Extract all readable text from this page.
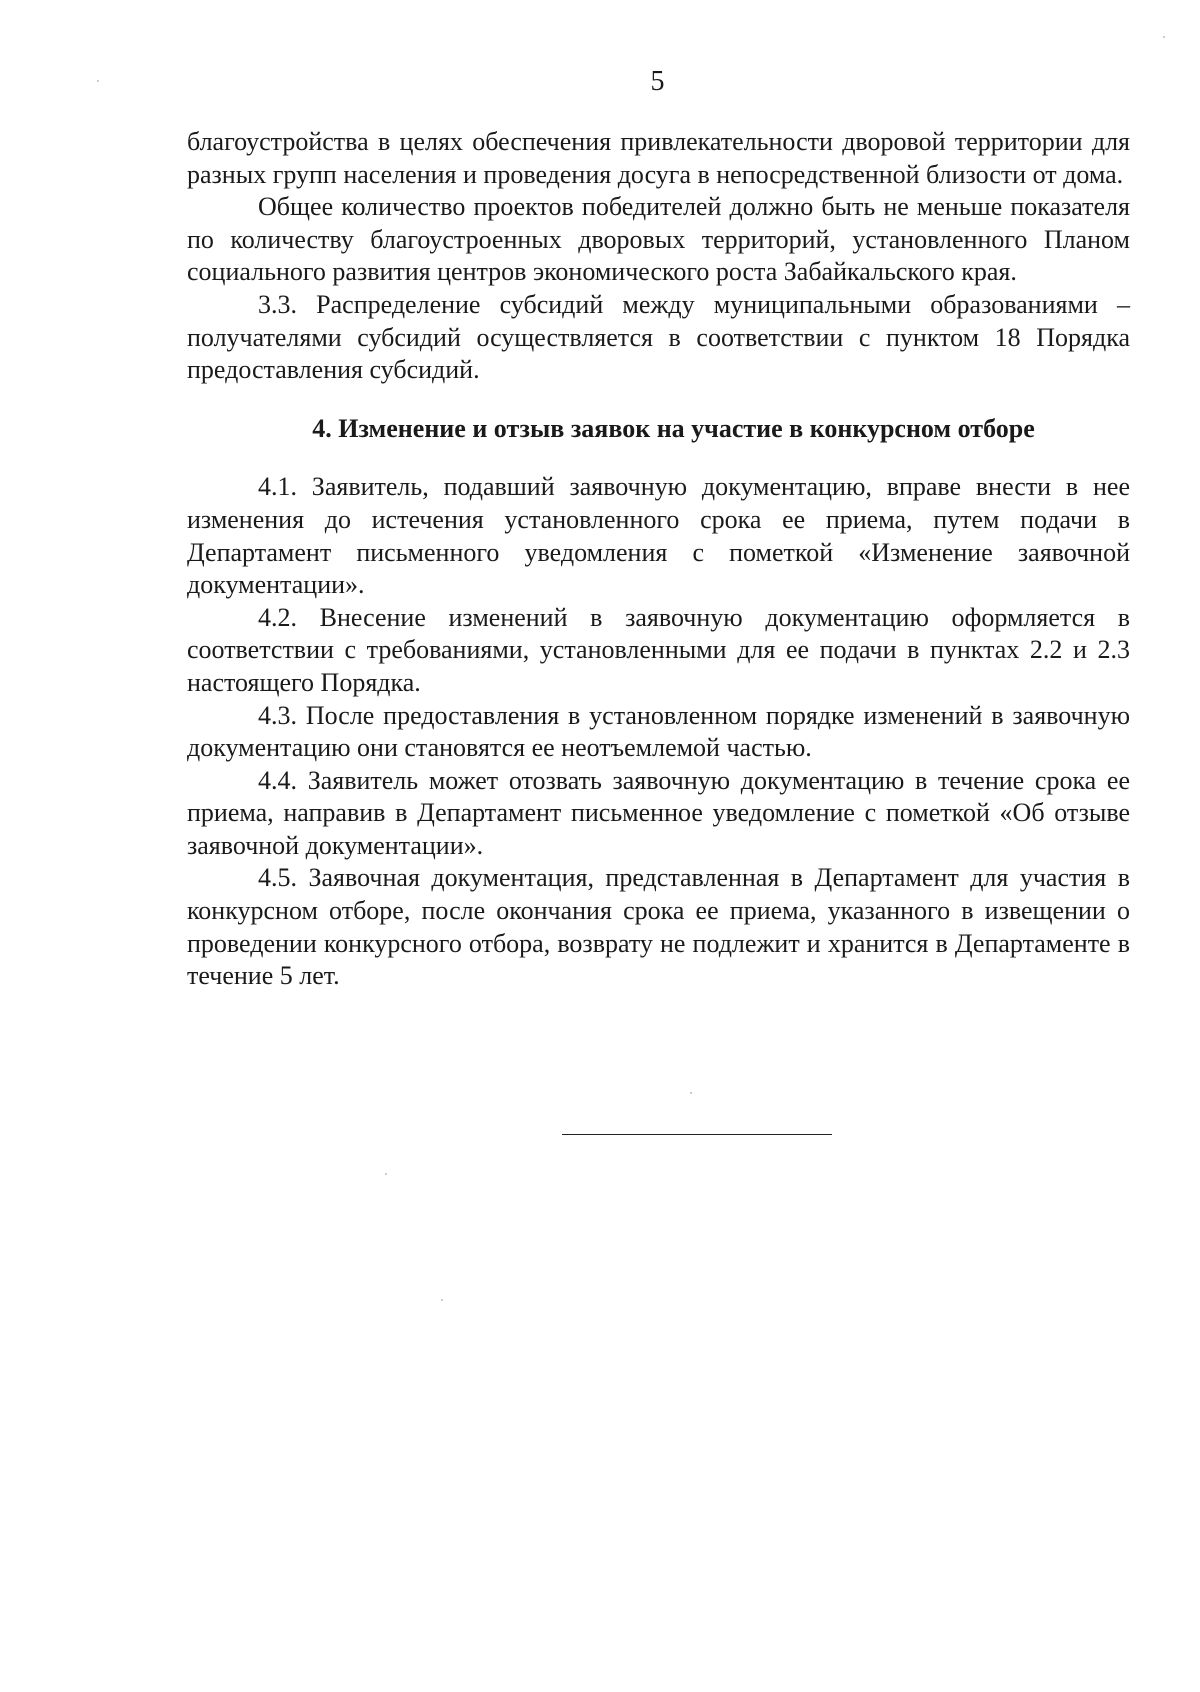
5

благоустройства в целях обеспечения привлекательности дворовой территории для разных групп населения и проведения досуга в непосредственной близости от дома.

Общее количество проектов победителей должно быть не меньше показателя по количеству благоустроенных дворовых территорий, установленного Планом социального развития центров экономического роста Забайкальского края.

3.3. Распределение субсидий между муниципальными образованиями – получателями субсидий осуществляется в соответствии с пунктом 18 Порядка предоставления субсидий.

4. Изменение и отзыв заявок на участие в конкурсном отборе

4.1. Заявитель, подавший заявочную документацию, вправе внести в нее изменения до истечения установленного срока ее приема, путем подачи в Департамент письменного уведомления с пометкой «Изменение заявочной документации».

4.2. Внесение изменений в заявочную документацию оформляется в соответствии с требованиями, установленными для ее подачи в пунктах 2.2 и 2.3 настоящего Порядка.

4.3. После предоставления в установленном порядке изменений в заявочную документацию они становятся ее неотъемлемой частью.

4.4. Заявитель может отозвать заявочную документацию в течение срока ее приема, направив в Департамент письменное уведомление с пометкой «Об отзыве заявочной документации».

4.5. Заявочная документация, представленная в Департамент для участия в конкурсном отборе, после окончания срока ее приема, указанного в извещении о проведении конкурсного отбора, возврату не подлежит и хранится в Департаменте в течение 5 лет.
